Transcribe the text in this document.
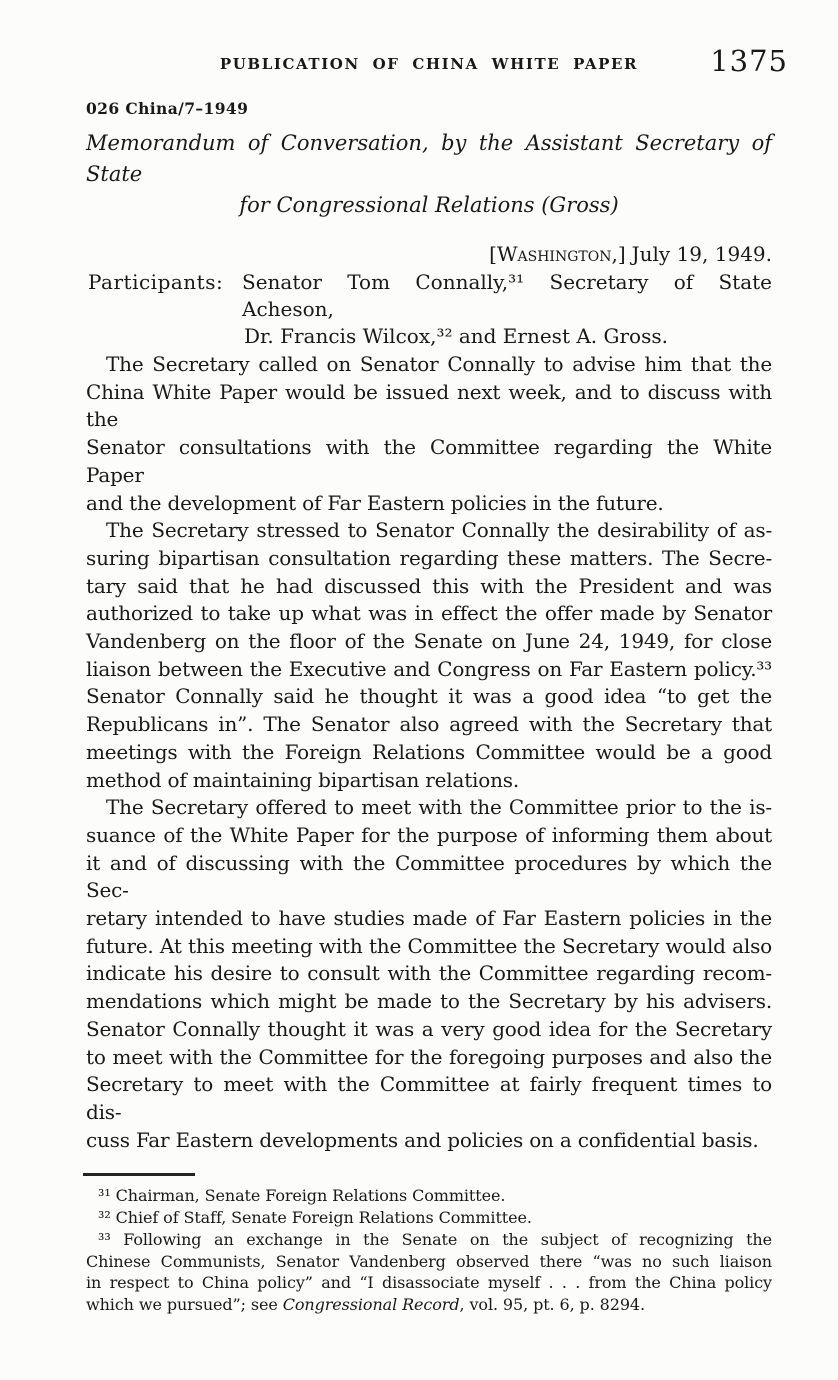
PUBLICATION OF CHINA WHITE PAPER	1375
026 China/7–1949
Memorandum of Conversation, by the Assistant Secretary of State
for Congressional Relations (Gross)
[Washington,] July 19, 1949.
Participants: Senator Tom Connally,³¹ Secretary of State Acheson,
Dr. Francis Wilcox,³² and Ernest A. Gross.
The Secretary called on Senator Connally to advise him that the
China White Paper would be issued next week, and to discuss with the
Senator consultations with the Committee regarding the White Paper
and the development of Far Eastern policies in the future.
The Secretary stressed to Senator Connally the desirability of as-
suring bipartisan consultation regarding these matters. The Secre-
tary said that he had discussed this with the President and was
authorized to take up what was in effect the offer made by Senator
Vandenberg on the floor of the Senate on June 24, 1949, for close
liaison between the Executive and Congress on Far Eastern policy.³³
Senator Connally said he thought it was a good idea “to get the
Republicans in”. The Senator also agreed with the Secretary that
meetings with the Foreign Relations Committee would be a good
method of maintaining bipartisan relations.
The Secretary offered to meet with the Committee prior to the is-
suance of the White Paper for the purpose of informing them about
it and of discussing with the Committee procedures by which the Sec-
retary intended to have studies made of Far Eastern policies in the
future. At this meeting with the Committee the Secretary would also
indicate his desire to consult with the Committee regarding recom-
mendations which might be made to the Secretary by his advisers.
Senator Connally thought it was a very good idea for the Secretary
to meet with the Committee for the foregoing purposes and also the
Secretary to meet with the Committee at fairly frequent times to dis-
cuss Far Eastern developments and policies on a confidential basis.
³¹ Chairman, Senate Foreign Relations Committee.
³² Chief of Staff, Senate Foreign Relations Committee.
³³ Following an exchange in the Senate on the subject of recognizing the
Chinese Communists, Senator Vandenberg observed there “was no such liaison
in respect to China policy” and “I disassociate myself . . . from the China policy
which we pursued”; see Congressional Record, vol. 95, pt. 6, p. 8294.
